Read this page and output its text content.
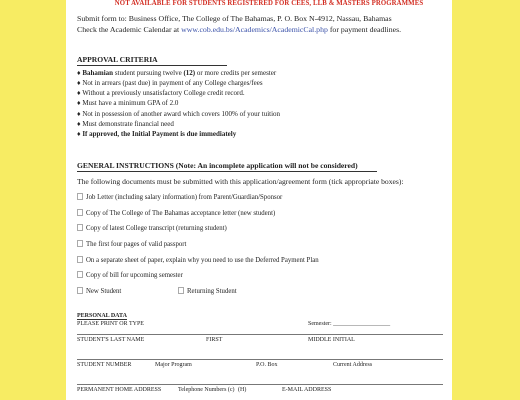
NOT AVAILABLE FOR STUDENTS REGISTERED FOR CEES, LLB & MASTERS PROGRAMMES
Submit form to: Business Office, The College of The Bahamas, P. O. Box N-4912, Nassau, Bahamas
Check the Academic Calendar at www.cob.edu.bs/Academics/AcademicCal.php for payment deadlines.
APPROVAL CRITERIA
♦ Bahamian student pursuing twelve (12) or more credits per semester
♦ Not in arrears (past due) in payment of any College charges/fees
♦ Without a previously unsatisfactory College credit record.
♦ Must have a minimum GPA of 2.0
♦ Not in possession of another award which covers 100% of your tuition
♦ Must demonstrate financial need
♦ If approved, the Initial Payment is due immediately
GENERAL INSTRUCTIONS (Note: An incomplete application will not be considered)
The following documents must be submitted with this application/agreement form (tick appropriate boxes):
Job Letter (including salary information) from Parent/Guardian/Sponsor
Copy of The College of The Bahamas acceptance letter (new student)
Copy of latest College transcript (returning student)
The first four pages of valid passport
On a separate sheet of paper, explain why you need to use the Deferred Payment Plan
Copy of bill for upcoming semester
New Student	Returning Student
PERSONAL DATA
PLEASE PRINT OR TYPE	Semester: ___________________
STUDENT'S LAST NAME	FIRST	MIDDLE INITIAL
STUDENT NUMBER	Major Program	P.O. Box	Current Address
PERMANENT HOME ADDRESS	Telephone Numbers (c) (H)	E-MAIL ADDRESS
